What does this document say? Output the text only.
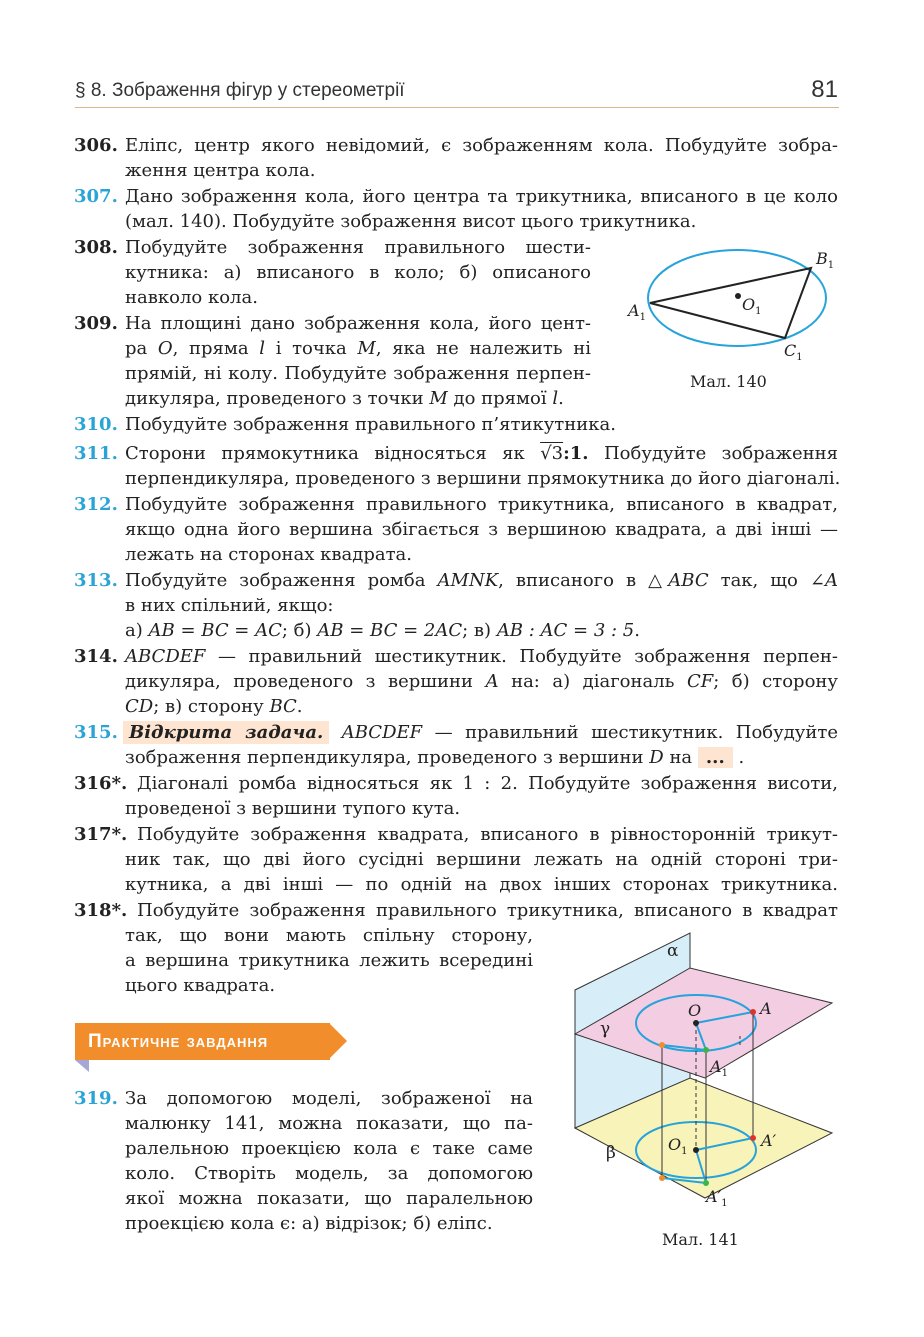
§ 8. Зображення фігур у стереометрії	81
306. Еліпс, центр якого невідомий, є зображенням кола. Побудуйте зобра-
ження центра кола.
307. Дано зображення кола, його центра та трикутника, вписаного в це коло
(мал. 140). Побудуйте зображення висот цього трикутника.
308. Побудуйте зображення правильного шести-
кутника: а) вписаного в коло; б) описаного
навколо кола.
309. На площині дано зображення кола, його цент-
ра O, пряма l і точка M, яка не належить ні
прямій, ні колу. Побудуйте зображення перпен-
дикуляра, проведеного з точки M до прямої l.
$A_1$
$B_1$
$C_1$
$O_1$
Мал. 140
310. Побудуйте зображення правильного п’ятикутника.
311. Сторони прямокутника відносяться як √3:1. Побудуйте зображення
перпендикуляра, проведеного з вершини прямокутника до його діагоналі.
312. Побудуйте зображення правильного трикутника, вписаного в квадрат,
якщо одна його вершина збігається з вершиною квадрата, а дві інші —
лежать на сторонах квадрата.
313. Побудуйте зображення ромба AMNK, вписаного в △ABC так, що ∠A
в них спільний, якщо:
а) AB = BC = AC; б) AB = BC = 2AC; в) AB : AC = 3 : 5.
314. ABCDEF — правильний шестикутник. Побудуйте зображення перпен-
дикуляра, проведеного з вершини A на: а) діагональ CF; б) сторону
CD; в) сторону BC.
315. Відкрита задача. ABCDEF — правильний шестикутник. Побудуйте
зображення перпендикуляра, проведеного з вершини D на ... .
316*. Діагоналі ромба відносяться як 1 : 2. Побудуйте зображення висоти,
проведеної з вершини тупого кута.
317*. Побудуйте зображення квадрата, вписаного в рівносторонній трикут-
ник так, що дві його сусідні вершини лежать на одній стороні три-
кутника, а дві інші — по одній на двох інших сторонах трикутника.
318*. Побудуйте зображення правильного трикутника, вписаного в квадрат
так, що вони мають спільну сторону,
а вершина трикутника лежить всередині
цього квадрата.
Практичне завдання
319. За допомогою моделі, зображеної на
малюнку 141, можна показати, що па-
ралельною проекцією кола є таке саме
коло. Створіть модель, за допомогою
якої можна показати, що паралельною
проекцією кола є: а) відрізок; б) еліпс.
α
γ
β
O	A
$A_1$
$O_1$
A′
$A'_1$
Мал. 141
